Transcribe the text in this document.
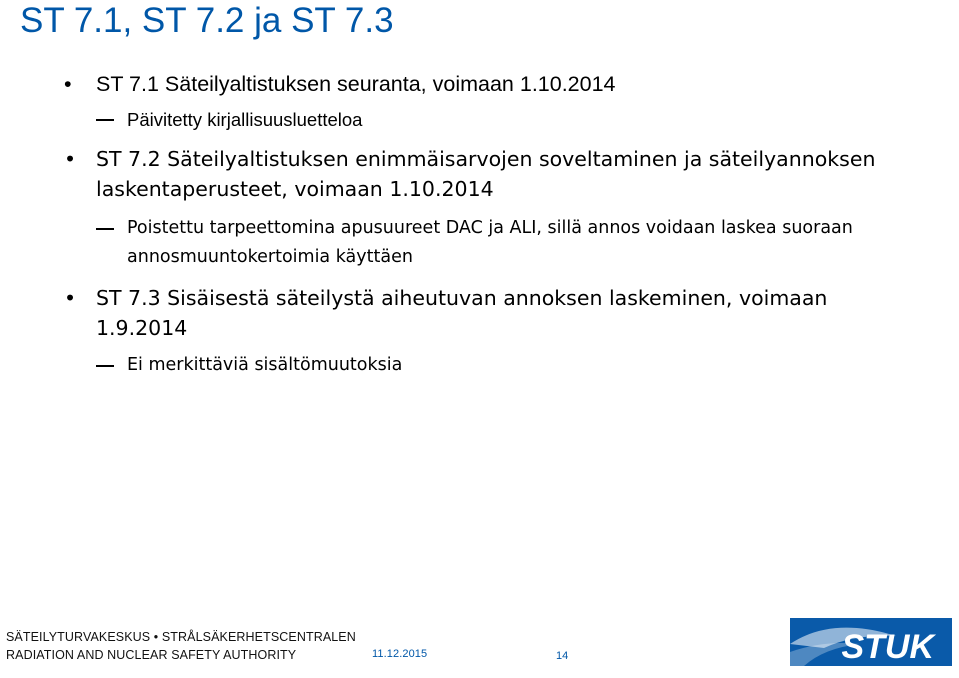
ST 7.1, ST 7.2 ja ST 7.3
• ST 7.1 Säteilyaltistuksen seuranta, voimaan 1.10.2014
Päivitetty kirjallisuusluetteloa
• ST 7.2 Säteilyaltistuksen enimmäisarvojen soveltaminen ja säteilyannoksen laskentaperusteet, voimaan 1.10.2014
Poistettu tarpeettomina apusuureet DAC ja ALI, sillä annos voidaan laskea suoraan annosmuuntokertoimia käyttäen
• ST 7.3 Sisäisestä säteilystä aiheutuvan annoksen laskeminen, voimaan 1.9.2014
Ei merkittäviä sisältömuutoksia
SÄTEILYTURVAKESKUS • STRÅLSÄKERHETSCENTRALEN
RADIATION AND NUCLEAR SAFETY AUTHORITY	11.12.2015	14	STUK
